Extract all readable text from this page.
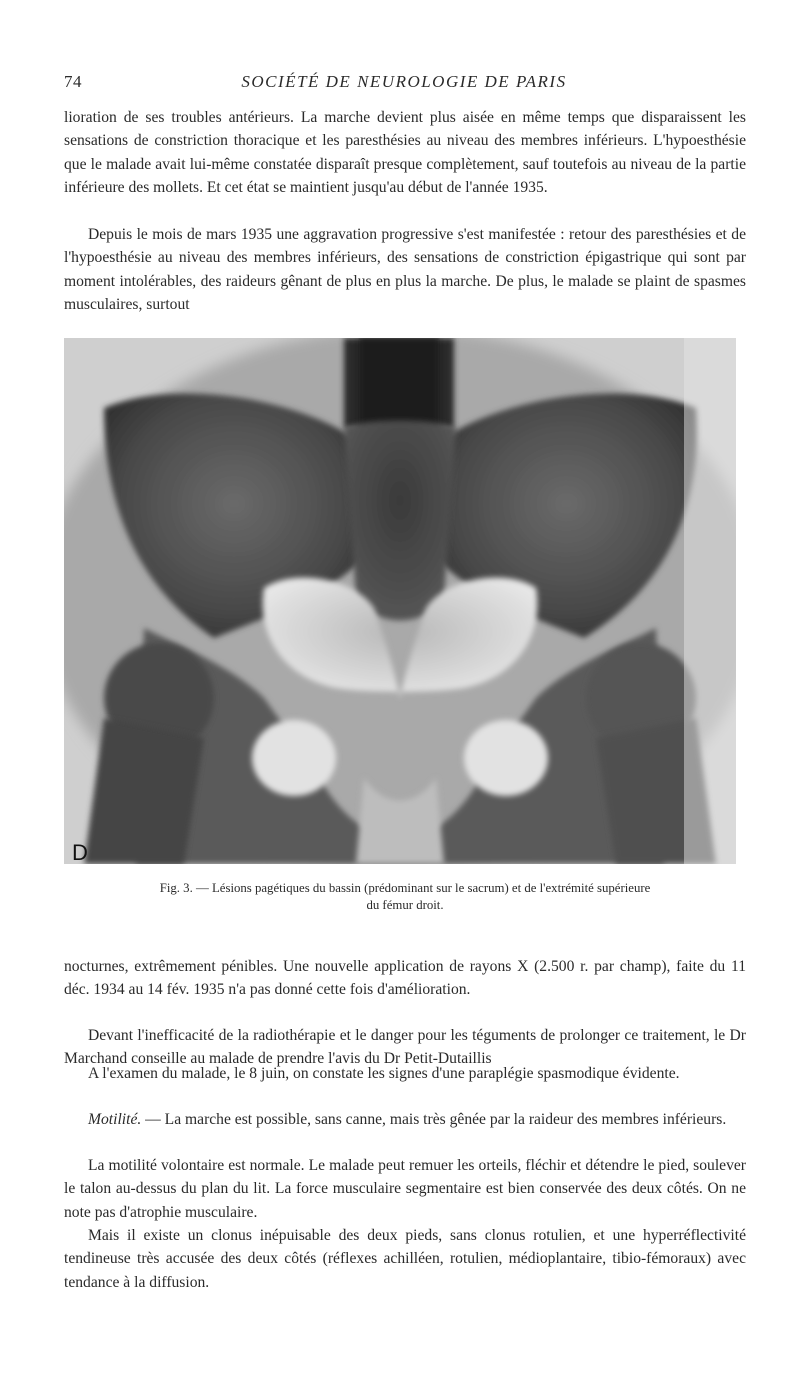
74	SOCIÉTÉ DE NEUROLOGIE DE PARIS

lioration de ses troubles antérieurs. La marche devient plus aisée en même temps que disparaissent les sensations de constriction thoracique et les paresthésies au niveau des membres inférieurs. L'hypoesthésie que le malade avait lui-même constatée disparaît presque complètement, sauf toutefois au niveau de la partie inférieure des mollets. Et cet état se maintient jusqu'au début de l'année 1935.

Depuis le mois de mars 1935 une aggravation progressive s'est manifestée : retour des paresthésies et de l'hypoesthésie au niveau des membres inférieurs, des sensations de constriction épigastrique qui sont par moment intolérables, des raideurs gênant de plus en plus la marche. De plus, le malade se plaint de spasmes musculaires, surtout

D
Fig. 3. — Lésions pagétiques du bassin (prédominant sur le sacrum) et de l'extrémité supérieure
du fémur droit.

nocturnes, extrêmement pénibles. Une nouvelle application de rayons X (2.500 r. par champ), faite du 11 déc. 1934 au 14 fév. 1935 n'a pas donné cette fois d'amélioration.

Devant l'inefficacité de la radiothérapie et le danger pour les téguments de prolonger ce traitement, le Dr Marchand conseille au malade de prendre l'avis du Dr Petit-Dutaillis

A l'examen du malade, le 8 juin, on constate les signes d'une paraplégie spasmodique évidente.

Motilité. — La marche est possible, sans canne, mais très gênée par la raideur des membres inférieurs.

La motilité volontaire est normale. Le malade peut remuer les orteils, fléchir et détendre le pied, soulever le talon au-dessus du plan du lit. La force musculaire segmentaire est bien conservée des deux côtés. On ne note pas d'atrophie musculaire.

Mais il existe un clonus inépuisable des deux pieds, sans clonus rotulien, et une hyperréflectivité tendineuse très accusée des deux côtés (réflexes achilléen, rotulien, médioplantaire, tibio-fémoraux) avec tendance à la diffusion.
